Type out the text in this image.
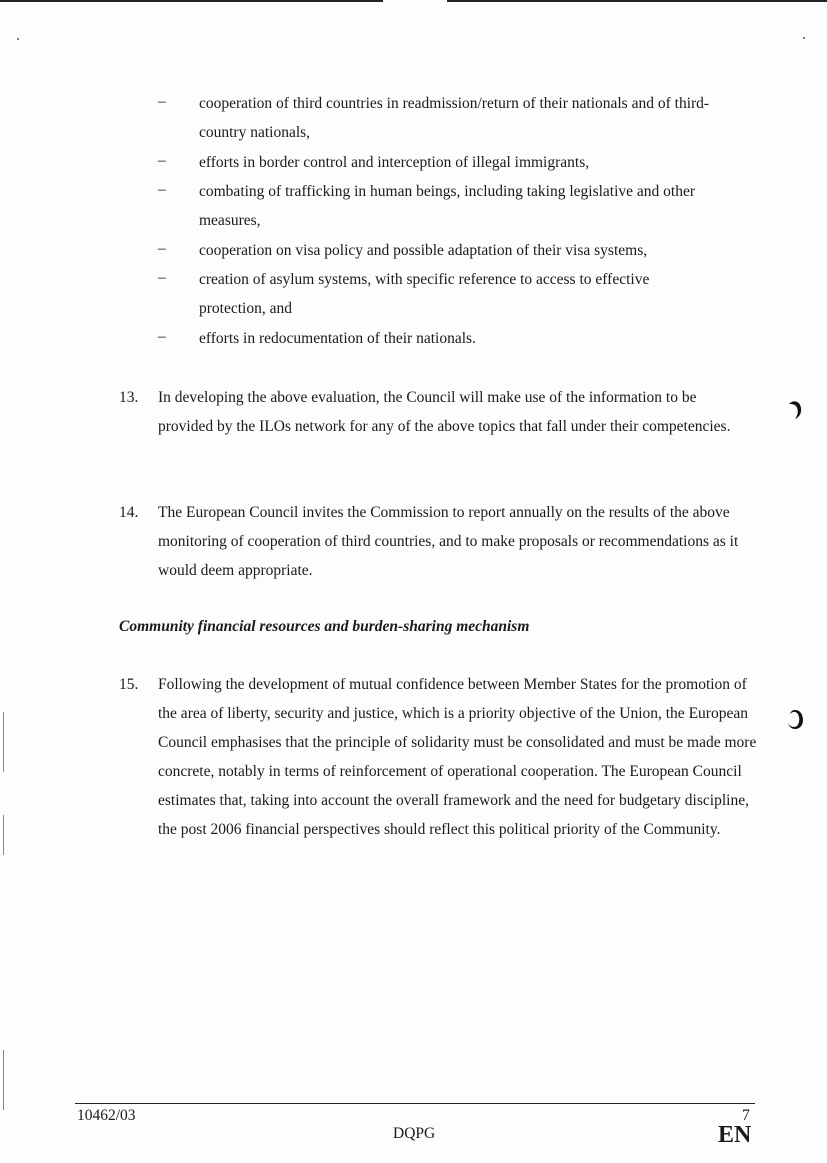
– cooperation of third countries in readmission/return of their nationals and of third-country nationals,
– efforts in border control and interception of illegal immigrants,
– combating of trafficking in human beings, including taking legislative and other measures,
– cooperation on visa policy and possible adaptation of their visa systems,
– creation of asylum systems, with specific reference to access to effective protection, and
– efforts in redocumentation of their nationals.
13. In developing the above evaluation, the Council will make use of the information to be provided by the ILOs network for any of the above topics that fall under their competencies.
14. The European Council invites the Commission to report annually on the results of the above monitoring of cooperation of third countries, and to make proposals or recommendations as it would deem appropriate.
Community financial resources and burden-sharing mechanism
15. Following the development of mutual confidence between Member States for the promotion of the area of liberty, security and justice, which is a priority objective of the Union, the European Council emphasises that the principle of solidarity must be consolidated and must be made more concrete, notably in terms of reinforcement of operational cooperation. The European Council estimates that, taking into account the overall framework and the need for budgetary discipline, the post 2006 financial perspectives should reflect this political priority of the Community.
10462/03
DQPG
7
EN
